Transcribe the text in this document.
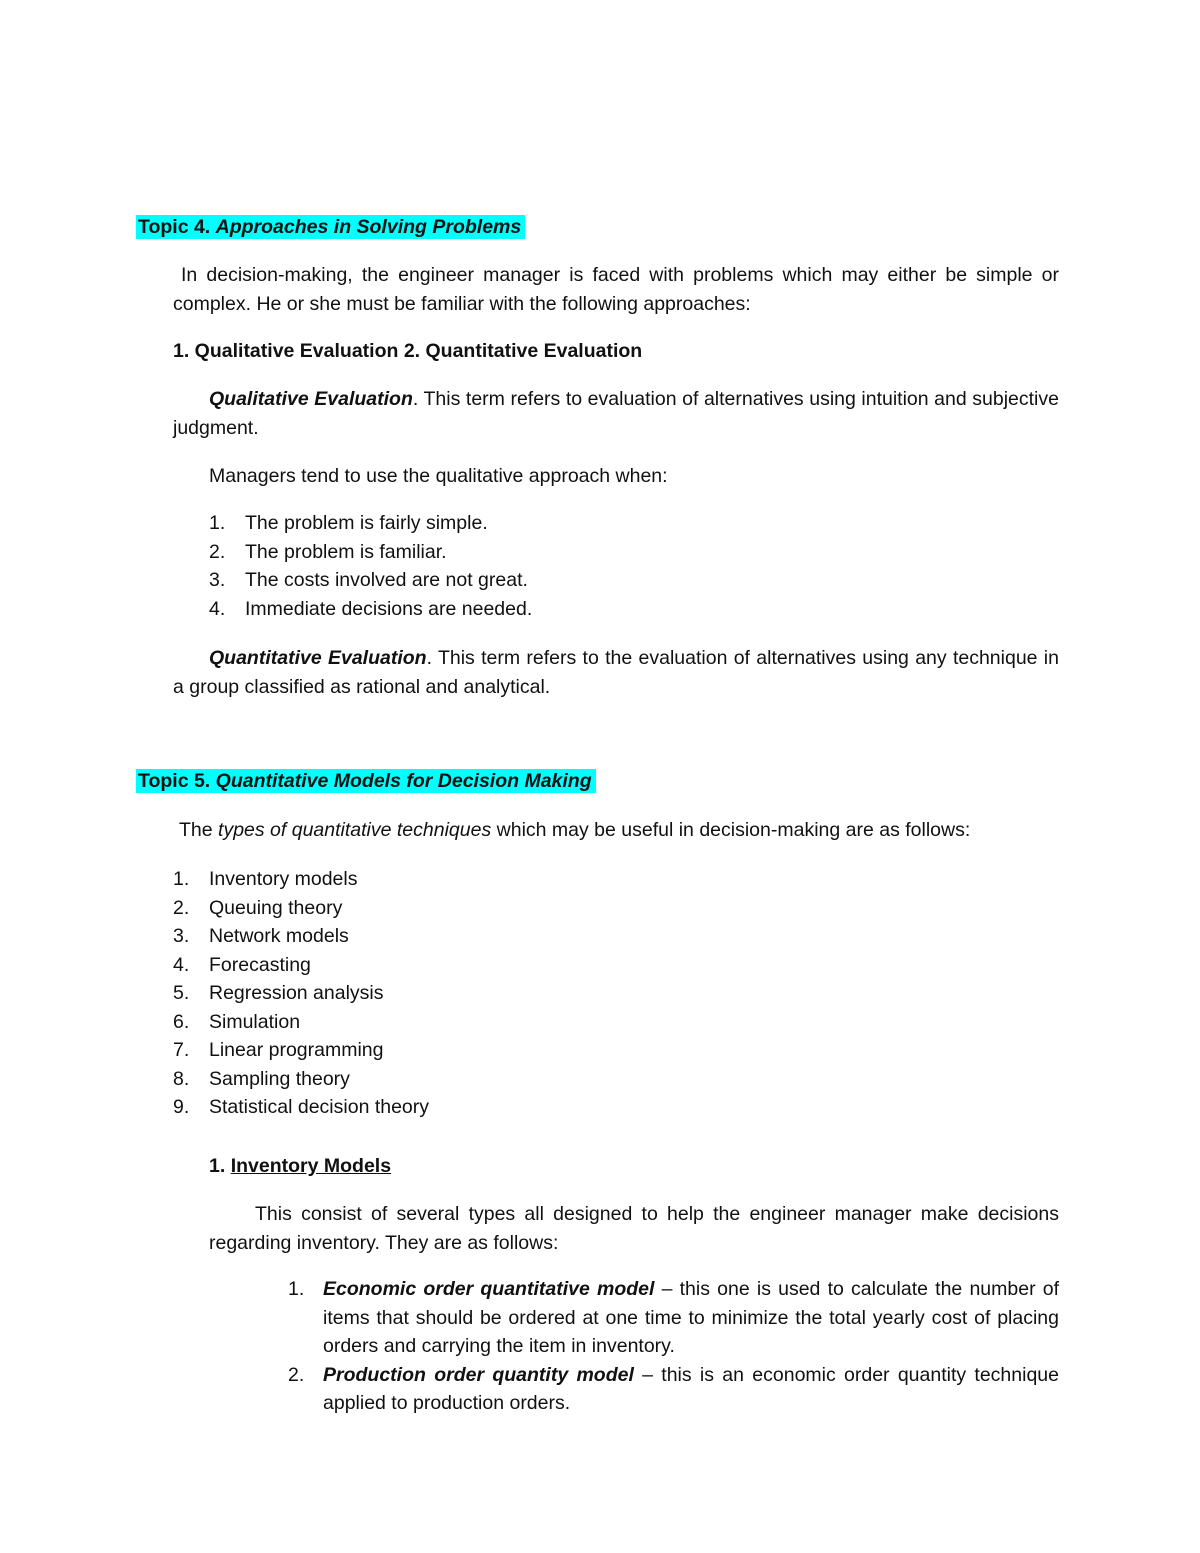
Topic 4. Approaches in Solving Problems

In decision-making, the engineer manager is faced with problems which may either be simple or complex. He or she must be familiar with the following approaches:

1. Qualitative Evaluation 2. Quantitative Evaluation

Qualitative Evaluation. This term refers to evaluation of alternatives using intuition and subjective judgment.

Managers tend to use the qualitative approach when:

1. The problem is fairly simple.
2. The problem is familiar.
3. The costs involved are not great.
4. Immediate decisions are needed.

Quantitative Evaluation. This term refers to the evaluation of alternatives using any technique in a group classified as rational and analytical.

Topic 5. Quantitative Models for Decision Making

The types of quantitative techniques which may be useful in decision-making are as follows:

1. Inventory models
2. Queuing theory
3. Network models
4. Forecasting
5. Regression analysis
6. Simulation
7. Linear programming
8. Sampling theory
9. Statistical decision theory

1. Inventory Models

This consist of several types all designed to help the engineer manager make decisions regarding inventory. They are as follows:

1. Economic order quantitative model – this one is used to calculate the number of items that should be ordered at one time to minimize the total yearly cost of placing orders and carrying the item in inventory.
2. Production order quantity model – this is an economic order quantity technique applied to production orders.
